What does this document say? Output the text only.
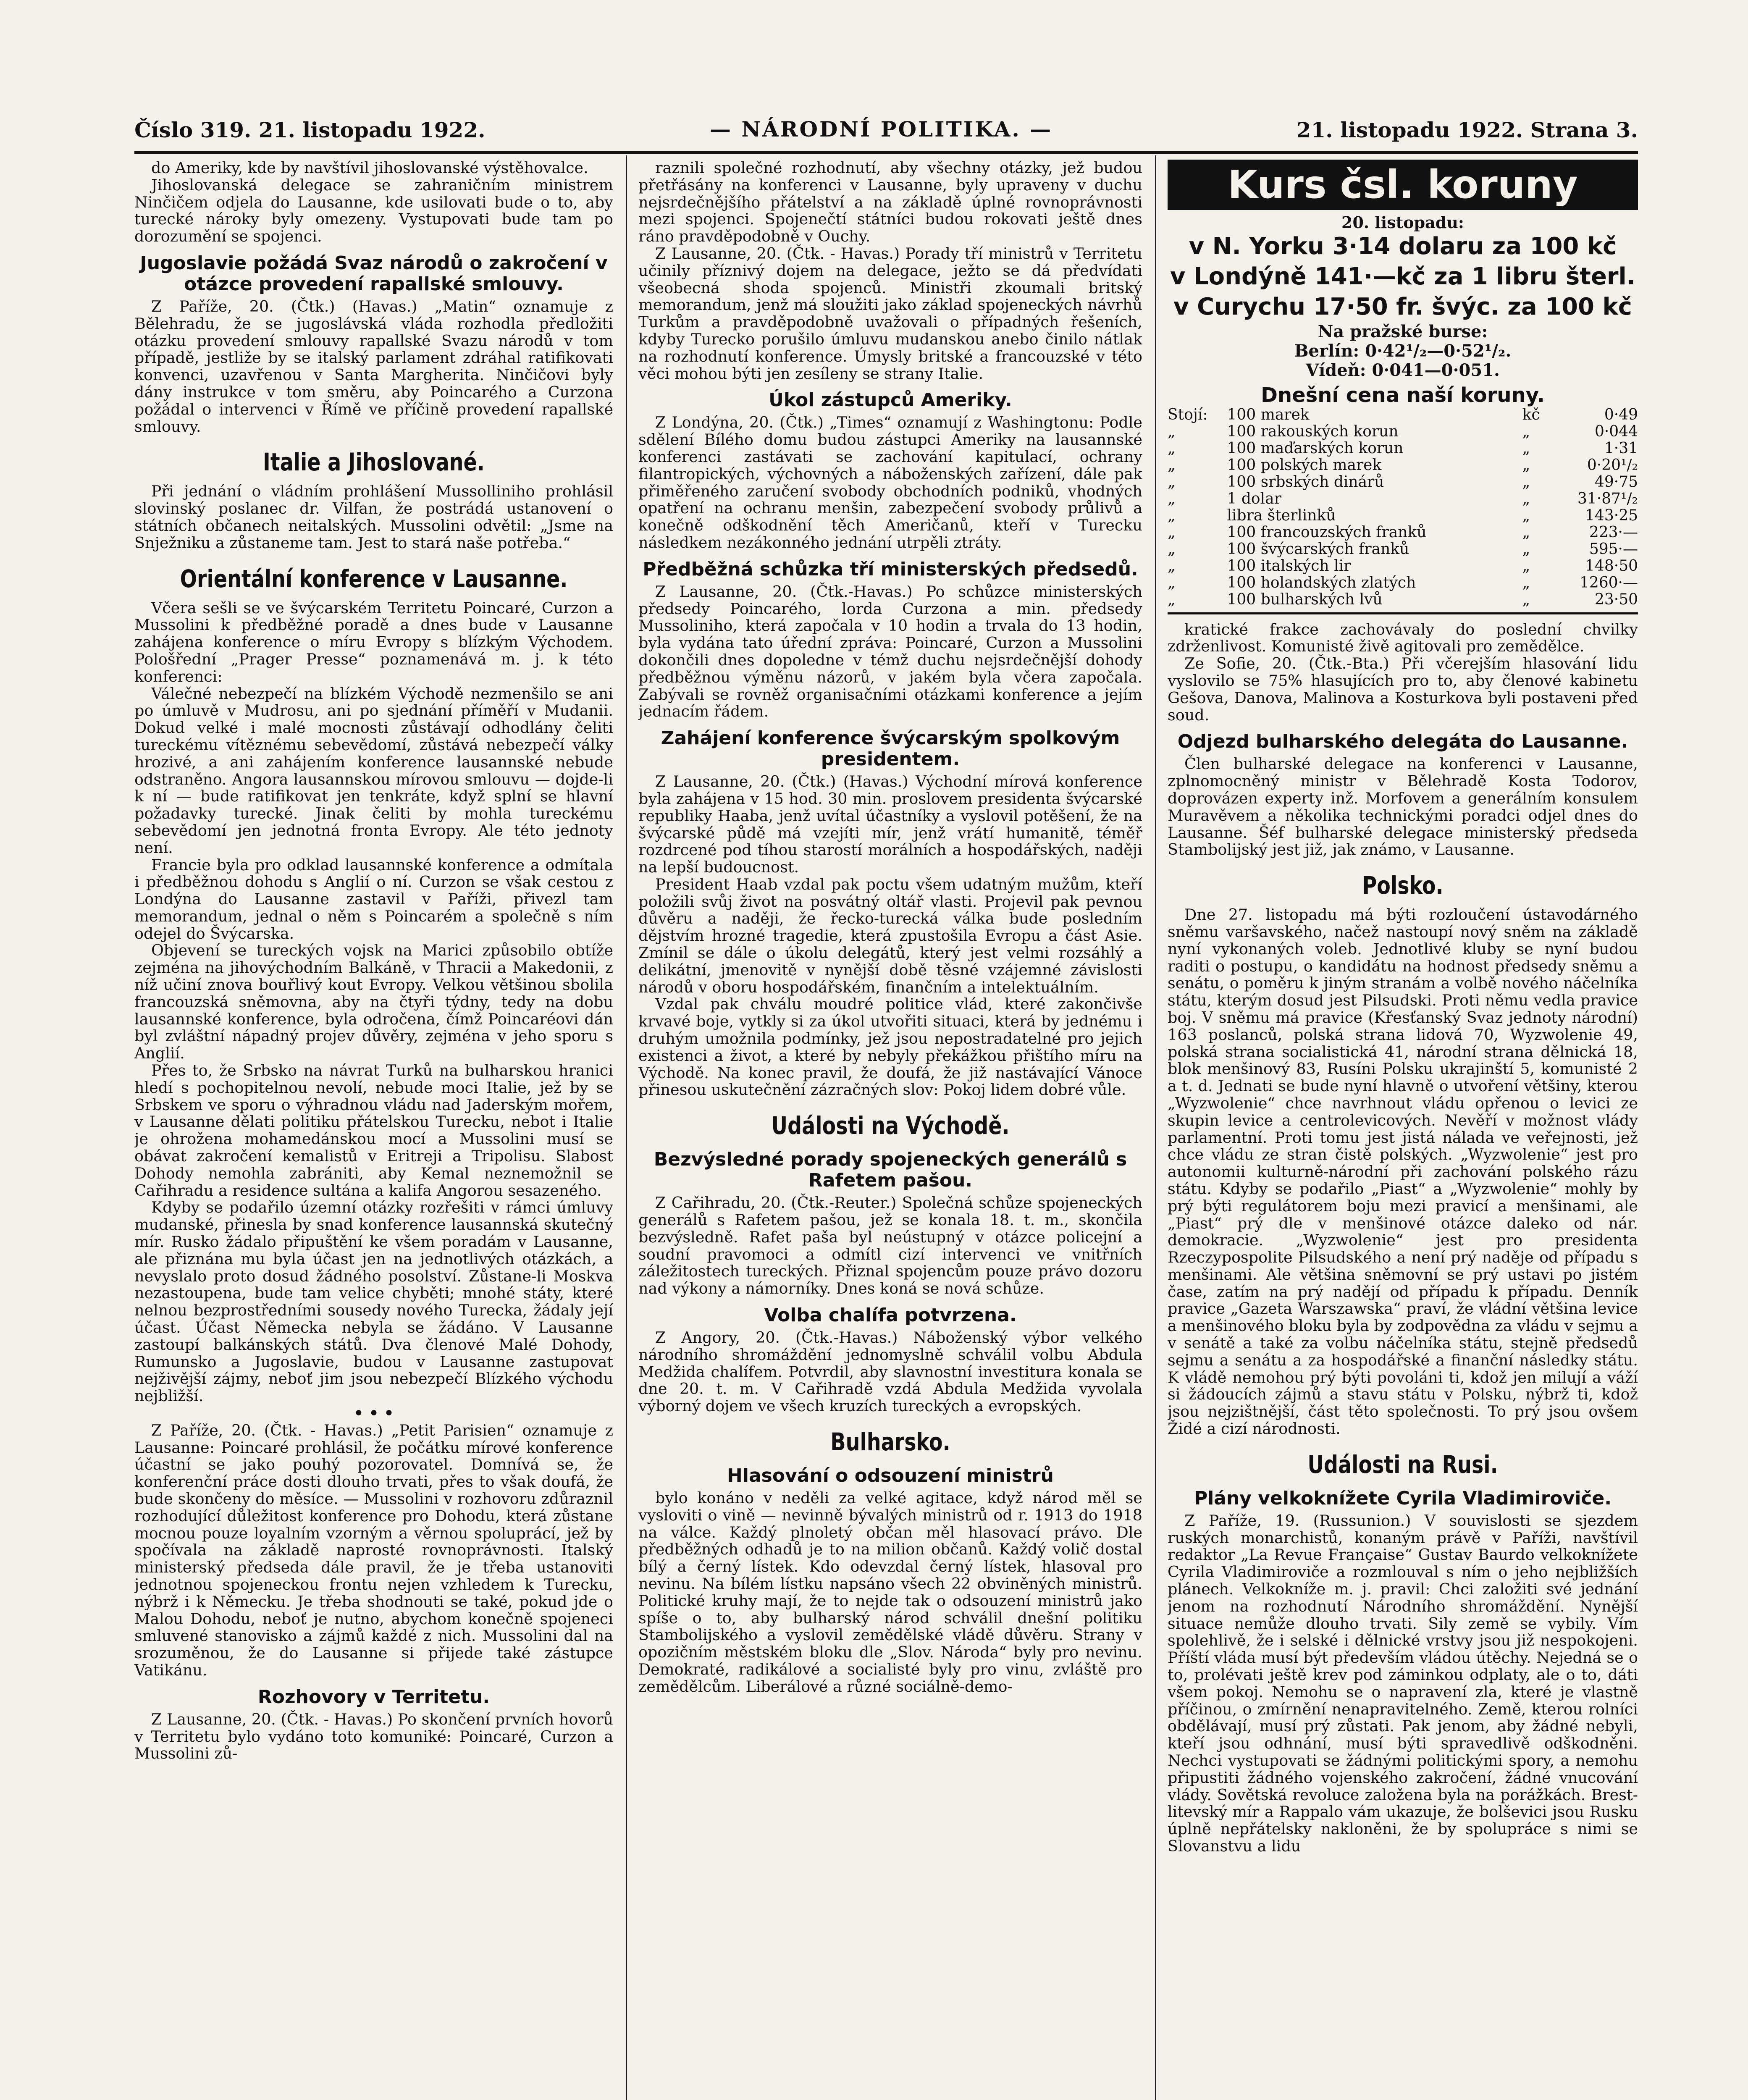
Číslo 319. 21. listopadu 1922.	— NÁRODNÍ POLITIKA. —	21. listopadu 1922. Strana 3.

do Ameriky, kde by navštívil jihoslovanské výstěhovalce.

Jihoslovanská delegace se zahraničním ministrem Ninčičem odjela do Lausanne, kde usilovati bude o to, aby turecké nároky byly omezeny. Vystupovati bude tam po dorozumění se spojenci.

Jugoslavie požádá Svaz národů o zakročení v otázce provedení rapallské smlouvy.

Z Paříže, 20. (Čtk.) (Havas.) „Matin“ oznamuje z Bělehradu, že se jugoslávská vláda rozhodla předložiti otázku provedení smlouvy rapallské Svazu národů v tom případě, jestliže by se italský parlament zdráhal ratifikovati konvenci, uzavřenou v Santa Margherita. Ninčičovi byly dány instrukce v tom směru, aby Poincarého a Curzona požádal o intervenci v Římě ve příčině provedení rapallské smlouvy.

Italie a Jihoslované.

Při jednání o vládním prohlášení Mussolliniho prohlásil slovinský poslanec dr. Vilfan, že postrádá ustanovení o státních občanech neitalských. Mussolini odvětil: „Jsme na Snježniku a zůstaneme tam. Jest to stará naše potřeba.“

Orientální konference v Lausanne.

Včera sešli se ve švýcarském Territetu Poincaré, Curzon a Mussolini k předběžné poradě a dnes bude v Lausanne zahájena konference o míru Evropy s blízkým Východem. Pološřední „Prager Presse“ poznamenává m. j. k této konferenci:

Válečné nebezpečí na blízkém Východě nezmenšilo se ani po úmluvě v Mudrosu, ani po sjednání příměří v Mudanii. Dokud velké i malé mocnosti zůstávají odhodlány čeliti tureckému vítěznému sebevědomí, zůstává nebezpečí války hrozivé, a ani zahájením konference lausannské nebude odstraněno. Angora lausannskou mírovou smlouvu — dojde-li k ní — bude ratifikovat jen tenkráte, když splní se hlavní požadavky turecké. Jinak čeliti by mohla tureckému sebevědomí jen jednotná fronta Evropy. Ale této jednoty není.

Francie byla pro odklad lausannské konference a odmítala i předběžnou dohodu s Anglií o ní. Curzon se však cestou z Londýna do Lausanne zastavil v Paříži, přivezl tam memorandum, jednal o něm s Poincarém a společně s ním odejel do Švýcarska.

Objevení se tureckých vojsk na Marici způsobilo obtíže zejména na jihovýchodním Balkáně, v Thracii a Makedonii, z níž učiní znova bouřlivý kout Evropy. Velkou většinou sbolila francouzská sněmovna, aby na čtyři týdny, tedy na dobu lausannské konference, byla odročena, čímž Poincaréovi dán byl zvláštní nápadný projev důvěry, zejména v jeho sporu s Anglií.

Přes to, že Srbsko na návrat Turků na bulharskou hranici hledí s pochopitelnou nevolí, nebude moci Italie, jež by se Srbskem ve sporu o výhradnou vládu nad Jaderským mořem, v Lausanne dělati politiku přátelskou Turecku, nebot i Italie je ohrožena mohamedánskou mocí a Mussolini musí se obávat zakročení kemalistů v Eritreji a Tripolisu. Slabost Dohody nemohla zabrániti, aby Kemal neznemožnil se Cařihradu a residence sultána a kalifa Angorou sesazeného.

Kdyby se podařilo územní otázky rozřešiti v rámci úmluvy mudanské, přinesla by snad konference lausannská skutečný mír. Rusko žádalo připuštění ke všem poradám v Lausanne, ale přiznána mu byla účast jen na jednotlivých otázkách, a nevyslalo proto dosud žádného posolství. Zůstane-li Moskva nezastoupena, bude tam velice chyběti; mnohé státy, které nelnou bezprostředními sousedy nového Turecka, žádaly její účast. Účast Německa nebyla se žádáno. V Lausanne zastoupí balkánských států. Dva členové Malé Dohody, Rumunsko a Jugoslavie, budou v Lausanne zastupovat nejživější zájmy, neboť jim jsou nebezpečí Blízkého východu nejbližší.

• • •

Z Paříže, 20. (Čtk. - Havas.) „Petit Parisien“ oznamuje z Lausanne: Poincaré prohlásil, že počátku mírové konference účastní se jako pouhý pozorovatel. Domnívá se, že konferenční práce dosti dlouho trvati, přes to však doufá, že bude skončeny do měsíce. — Mussolini v rozhovoru zdůraznil rozhodující důležitost konference pro Dohodu, která zůstane mocnou pouze loyalním vzorným a věrnou spoluprácí, jež by spočívala na základě naprosté rovnoprávnosti. Italský ministerský předseda dále pravil, že je třeba ustanoviti jednotnou spojeneckou frontu nejen vzhledem k Turecku, nýbrž i k Německu. Je třeba shodnouti se také, pokud jde o Malou Dohodu, neboť je nutno, abychom konečně spojeneci smluvené stanovisko a zájmů každé z nich. Mussolini dal na srozuměnou, že do Lausanne si přijede také zástupce Vatikánu.

Rozhovory v Territetu.

Z Lausanne, 20. (Čtk. - Havas.) Po skončení prvních hovorů v Territetu bylo vydáno toto komuniké: Poincaré, Curzon a Mussolini zů-

raznili společné rozhodnutí, aby všechny otázky, jež budou přetřásány na konferenci v Lausanne, byly upraveny v duchu nejsrdečnějšího přátelství a na základě úplné rovnoprávnosti mezi spojenci. Spojenečtí státníci budou rokovati ještě dnes ráno pravděpodobně v Ouchy.

Z Lausanne, 20. (Čtk. - Havas.) Porady tří ministrů v Territetu učinily příznivý dojem na delegace, ježto se dá předvídati všeobecná shoda spojenců. Ministři zkoumali britský memorandum, jenž má sloužiti jako základ spojeneckých návrhů Turkům a pravděpodobně uvažovali o případných řešeních, kdyby Turecko porušilo úmluvu mudanskou anebo činilo nátlak na rozhodnutí konference. Úmysly britské a francouzské v této věci mohou býti jen zesíleny se strany Italie.

Úkol zástupců Ameriky.

Z Londýna, 20. (Čtk.) „Times“ oznamují z Washingtonu: Podle sdělení Bílého domu budou zástupci Ameriky na lausannské konferenci zastávati se zachování kapitulací, ochrany filantropických, výchovných a náboženských zařízení, dále pak přiměřeného zaručení svobody obchodních podniků, vhodných opatření na ochranu menšin, zabezpečení svobody průlivů a konečně odškodnění těch Američanů, kteří v Turecku následkem nezákonného jednání utrpěli ztráty.

Předběžná schůzka tří ministerských předsedů.

Z Lausanne, 20. (Čtk.-Havas.) Po schůzce ministerských předsedy Poincarého, lorda Curzona a min. předsedy Mussoliniho, která započala v 10 hodin a trvala do 13 hodin, byla vydána tato úřední zpráva: Poincaré, Curzon a Mussolini dokončili dnes dopoledne v témž duchu nejsrdečnější dohody předběžnou výměnu názorů, v jakém byla včera započala. Zabývali se rovněž organisačními otázkami konference a jejím jednacím řádem.

Zahájení konference švýcarským spolkovým presidentem.

Z Lausanne, 20. (Čtk.) (Havas.) Východní mírová konference byla zahájena v 15 hod. 30 min. proslovem presidenta švýcarské republiky Haaba, jenž uvítal účastníky a vyslovil potěšení, že na švýcarské půdě má vzejíti mír, jenž vrátí humanitě, téměř rozdrcené pod tíhou starostí morálních a hospodářských, naději na lepší budoucnost.

President Haab vzdal pak poctu všem udatným mužům, kteří položili svůj život na posvátný oltář vlasti. Projevil pak pevnou důvěru a naději, že řecko-turecká válka bude posledním dějstvím hrozné tragedie, která zpustošila Evropu a část Asie. Zmínil se dále o úkolu delegátů, který jest velmi rozsáhlý a delikátní, jmenovitě v nynější době těsné vzájemné závislosti národů v oboru hospodářském, finančním a intelektuálním.

Vzdal pak chválu moudré politice vlád, které zakončivše krvavé boje, vytkly si za úkol utvořiti situaci, která by jednému i druhým umožnila podmínky, jež jsou nepostradatelné pro jejich existenci a život, a které by nebyly překážkou přištího míru na Východě. Na konec pravil, že doufá, že již nastávající Vánoce přinesou uskutečnění zázračných slov: Pokoj lidem dobré vůle.

Události na Východě.
Bezvýsledné porady spojeneckých generálů s Rafetem pašou.

Z Cařihradu, 20. (Čtk.-Reuter.) Společná schůze spojeneckých generálů s Rafetem pašou, jež se konala 18. t. m., skončila bezvýsledně. Rafet paša byl neústupný v otázce policejní a soudní pravomoci a odmítl cizí intervenci ve vnitřních záležitostech tureckých. Přiznal spojencům pouze právo dozoru nad výkony a námorníky. Dnes koná se nová schůze.

Volba chalífa potvrzena.

Z Angory, 20. (Čtk.-Havas.) Náboženský výbor velkého národního shromáždění jednomyslně schválil volbu Abdula Medžida chalífem. Potvrdil, aby slavnostní investitura konala se dne 20. t. m. V Cařihradě vzdá Abdula Medžida vyvolala výborný dojem ve všech kruzích tureckých a evropských.

Bulharsko.
Hlasování o odsouzení ministrů

bylo konáno v neděli za velké agitace, když národ měl se vysloviti o vině — nevinně bývalých ministrů od r. 1913 do 1918 na válce. Každý plnoletý občan měl hlasovací právo. Dle předběžných odhadů je to na milion občanů. Každý volič dostal bílý a černý lístek. Kdo odevzdal černý lístek, hlasoval pro nevinu. Na bílém lístku napsáno všech 22 obviněných ministrů. Politické kruhy mají, že to nejde tak o odsouzení ministrů jako spíše o to, aby bulharský národ schválil dnešní politiku Stambolijského a vyslovil zemědělské vládě důvěru. Strany v opozičním městském bloku dle „Slov. Národa“ byly pro nevinu. Demokraté, radikálové a socialisté byly pro vinu, zvláště pro zemědělcům. Liberálové a různé sociálně-demo-

Kurs čsl. koruny
20. listopadu:
v N. Yorku 3·14 dolaru za 100 kč
v Londýně 141·—kč za 1 libru šterl.
v Curychu 17·50 fr. švýc. za 100 kč
Na pražské burse:
Berlín: 0·42¹/₂—0·52¹/₂.
Vídeň: 0·041—0·051.
Dnešní cena naší koruny.
Stojí:	100 marek	kč	0·49
„	100 rakouských korun	„	0·044
„	100 maďarských korun	„	1·31
„	100 polských marek	„	0·20¹/₂
„	100 srbských dinárů	„	49·75
„	1 dolar	„	31·87¹/₂
„	libra šterlinků	„	143·25
„	100 francouzských franků	„	223·—
„	100 švýcarských franků	„	595·—
„	100 italských lir	„	148·50
„	100 holandských zlatých	„	1260·—
„	100 bulharských lvů	„	23·50

kratické frakce zachovávaly do poslední chvilky zdrženlivost. Komunisté živě agitovali pro zemědělce.

Ze Sofie, 20. (Čtk.-Bta.) Při včerejším hlasování lidu vyslovilo se 75% hlasujících pro to, aby členové kabinetu Gešova, Danova, Malinova a Kosturkova byli postaveni před soud.

Odjezd bulharského delegáta do Lausanne.

Člen bulharské delegace na konferenci v Lausanne, zplnomocněný ministr v Bělehradě Kosta Todorov, doprovázen experty inž. Morfovem a generálním konsulem Muravěvem a několika technickými poradci odjel dnes do Lausanne. Šéf bulharské delegace ministerský předseda Stambolijský jest již, jak známo, v Lausanne.

Polsko.

Dne 27. listopadu má býti rozloučení ústavodárného sněmu varšavského, načež nastoupí nový sněm na základě nyní vykonaných voleb. Jednotlivé kluby se nyní budou raditi o postupu, o kandidátu na hodnost předsedy sněmu a senátu, o poměru k jiným stranám a volbě nového náčelníka státu, kterým dosud jest Pilsudski. Proti němu vedla pravice boj. V sněmu má pravice (Křesťanský Svaz jednoty národní) 163 poslanců, polská strana lidová 70, Wyzwolenie 49, polská strana socialistická 41, národní strana dělnická 18, blok menšinový 83, Rusíni Polsku ukrajinští 5, komunisté 2 a t. d. Jednati se bude nyní hlavně o utvoření většiny, kterou „Wyzwolenie“ chce navrhnout vládu opřenou o levici ze skupin levice a centrolevicových. Nevěří v možnost vlády parlamentní. Proti tomu jest jistá nálada ve veřejnosti, jež chce vládu ze stran čistě polských. „Wyzwolenie“ jest pro autonomii kulturně-národní při zachování polského rázu státu. Kdyby se podařilo „Piast“ a „Wyzwolenie“ mohly by prý býti regulátorem boju mezi pravicí a menšinami, ale „Piast“ prý dle v menšinové otázce daleko od nár. demokracie. „Wyzwolenie“ jest pro presidenta Rzeczypospolite Pilsudského a není prý naděje od případu s menšinami. Ale většina sněmovní se prý ustavi po jistém čase, zatím na prý nadějí od případu k případu. Denník pravice „Gazeta Warszawska“ praví, že vládní většina levice a menšinového bloku byla by zodpovědna za vládu v sejmu a v senátě a také za volbu náčelníka státu, stejně předsedů sejmu a senátu a za hospodářské a finanční následky státu. K vládě nemohou prý býti povoláni ti, kdož jen milují a váží si žádoucích zájmů a stavu státu v Polsku, nýbrž ti, kdož jsou nejzištnější, část těto společnosti. To prý jsou ovšem Židé a cizí národnosti.

Události na Rusi.
Plány velkoknížete Cyrila Vladimiroviče.

Z Paříže, 19. (Russunion.) V souvislosti se sjezdem ruských monarchistů, konaným právě v Paříži, navštívil redaktor „La Revue Française“ Gustav Baurdo velkoknížete Cyrila Vladimiroviče a rozmlouval s ním o jeho nejbližších plánech. Velkokníže m. j. pravil: Chci založiti své jednání jenom na rozhodnutí Národního shromáždění. Nynější situace nemůže dlouho trvati. Sily země se vybily. Vím spolehlivě, že i selské i dělnické vrstvy jsou již nespokojeni. Příští vláda musí být především vládou útěchy. Nejedná se o to, prolévati ještě krev pod záminkou odplaty, ale o to, dáti všem pokoj. Nemohu se o napravení zla, které je vlastně příčinou, o zmírnění nenapravitelného. Země, kterou rolníci obdělávají, musí prý zůstati. Pak jenom, aby žádné nebyli, kteří jsou odhnání, musí býti spravedlivě odškodněni. Nechci vystupovati se žádnými politickými spory, a nemohu připustiti žádného vojenského zakročení, žádné vnucování vlády. Sovětská revoluce založena byla na porážkách. Brest-litevský mír a Rappalo vám ukazuje, že bolševici jsou Rusku úplně nepřátelsky nakloněni, že by spolupráce s nimi se Slovanstvu a lidu
